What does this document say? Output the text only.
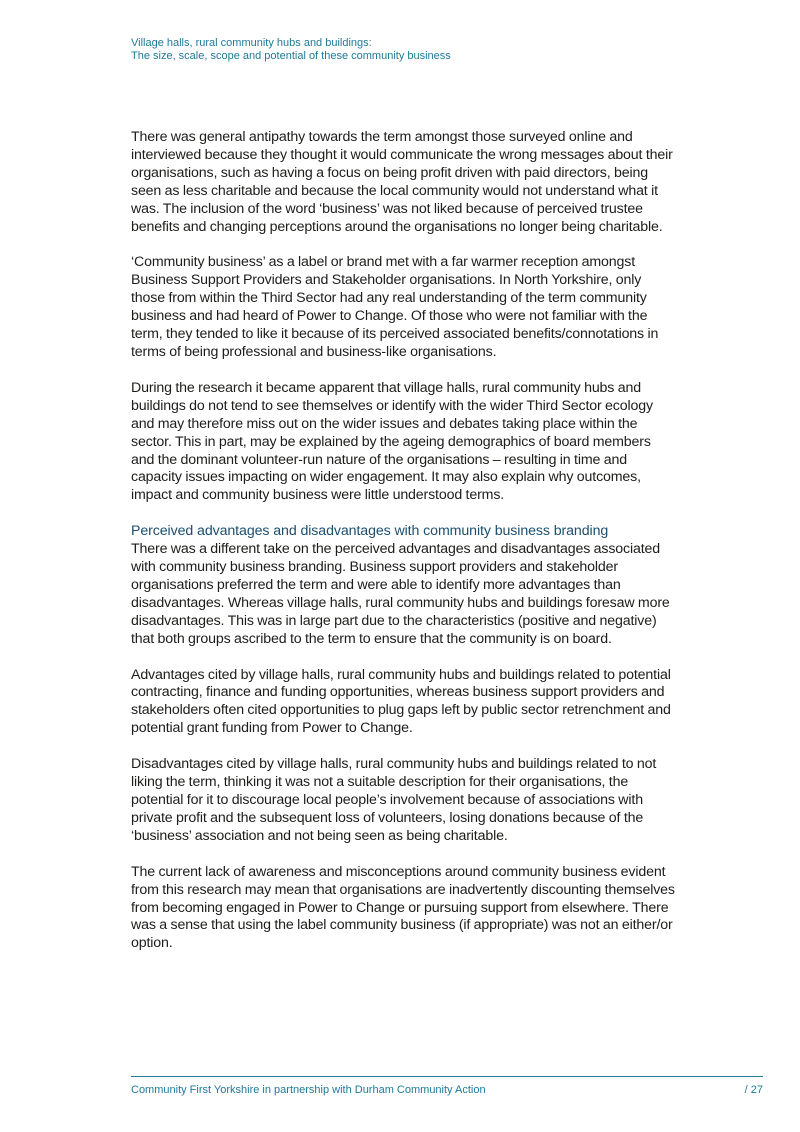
Village halls, rural community hubs and buildings:
The size, scale, scope and potential of these community business

There was general antipathy towards the term amongst those surveyed online and interviewed because they thought it would communicate the wrong messages about their organisations, such as having a focus on being profit driven with paid directors, being seen as less charitable and because the local community would not understand what it was. The inclusion of the word ‘business’ was not liked because of perceived trustee benefits and changing perceptions around the organisations no longer being charitable.

‘Community business’ as a label or brand met with a far warmer reception amongst Business Support Providers and Stakeholder organisations. In North Yorkshire, only those from within the Third Sector had any real understanding of the term community business and had heard of Power to Change. Of those who were not familiar with the term, they tended to like it because of its perceived associated benefits/connotations in terms of being professional and business-like organisations.

During the research it became apparent that village halls, rural community hubs and buildings do not tend to see themselves or identify with the wider Third Sector ecology and may therefore miss out on the wider issues and debates taking place within the sector. This in part, may be explained by the ageing demographics of board members and the dominant volunteer-run nature of the organisations – resulting in time and capacity issues impacting on wider engagement. It may also explain why outcomes, impact and community business were little understood terms.

Perceived advantages and disadvantages with community business branding

There was a different take on the perceived advantages and disadvantages associated with community business branding. Business support providers and stakeholder organisations preferred the term and were able to identify more advantages than disadvantages. Whereas village halls, rural community hubs and buildings foresaw more disadvantages. This was in large part due to the characteristics (positive and negative) that both groups ascribed to the term to ensure that the community is on board.

Advantages cited by village halls, rural community hubs and buildings related to potential contracting, finance and funding opportunities, whereas business support providers and stakeholders often cited opportunities to plug gaps left by public sector retrenchment and potential grant funding from Power to Change.

Disadvantages cited by village halls, rural community hubs and buildings related to not liking the term, thinking it was not a suitable description for their organisations, the potential for it to discourage local people’s involvement because of associations with private profit and the subsequent loss of volunteers, losing donations because of the ‘business’ association and not being seen as being charitable.

The current lack of awareness and misconceptions around community business evident from this research may mean that organisations are inadvertently discounting themselves from becoming engaged in Power to Change or pursuing support from elsewhere. There was a sense that using the label community business (if appropriate) was not an either/or option.

Community First Yorkshire in partnership with Durham Community Action	/ 27
